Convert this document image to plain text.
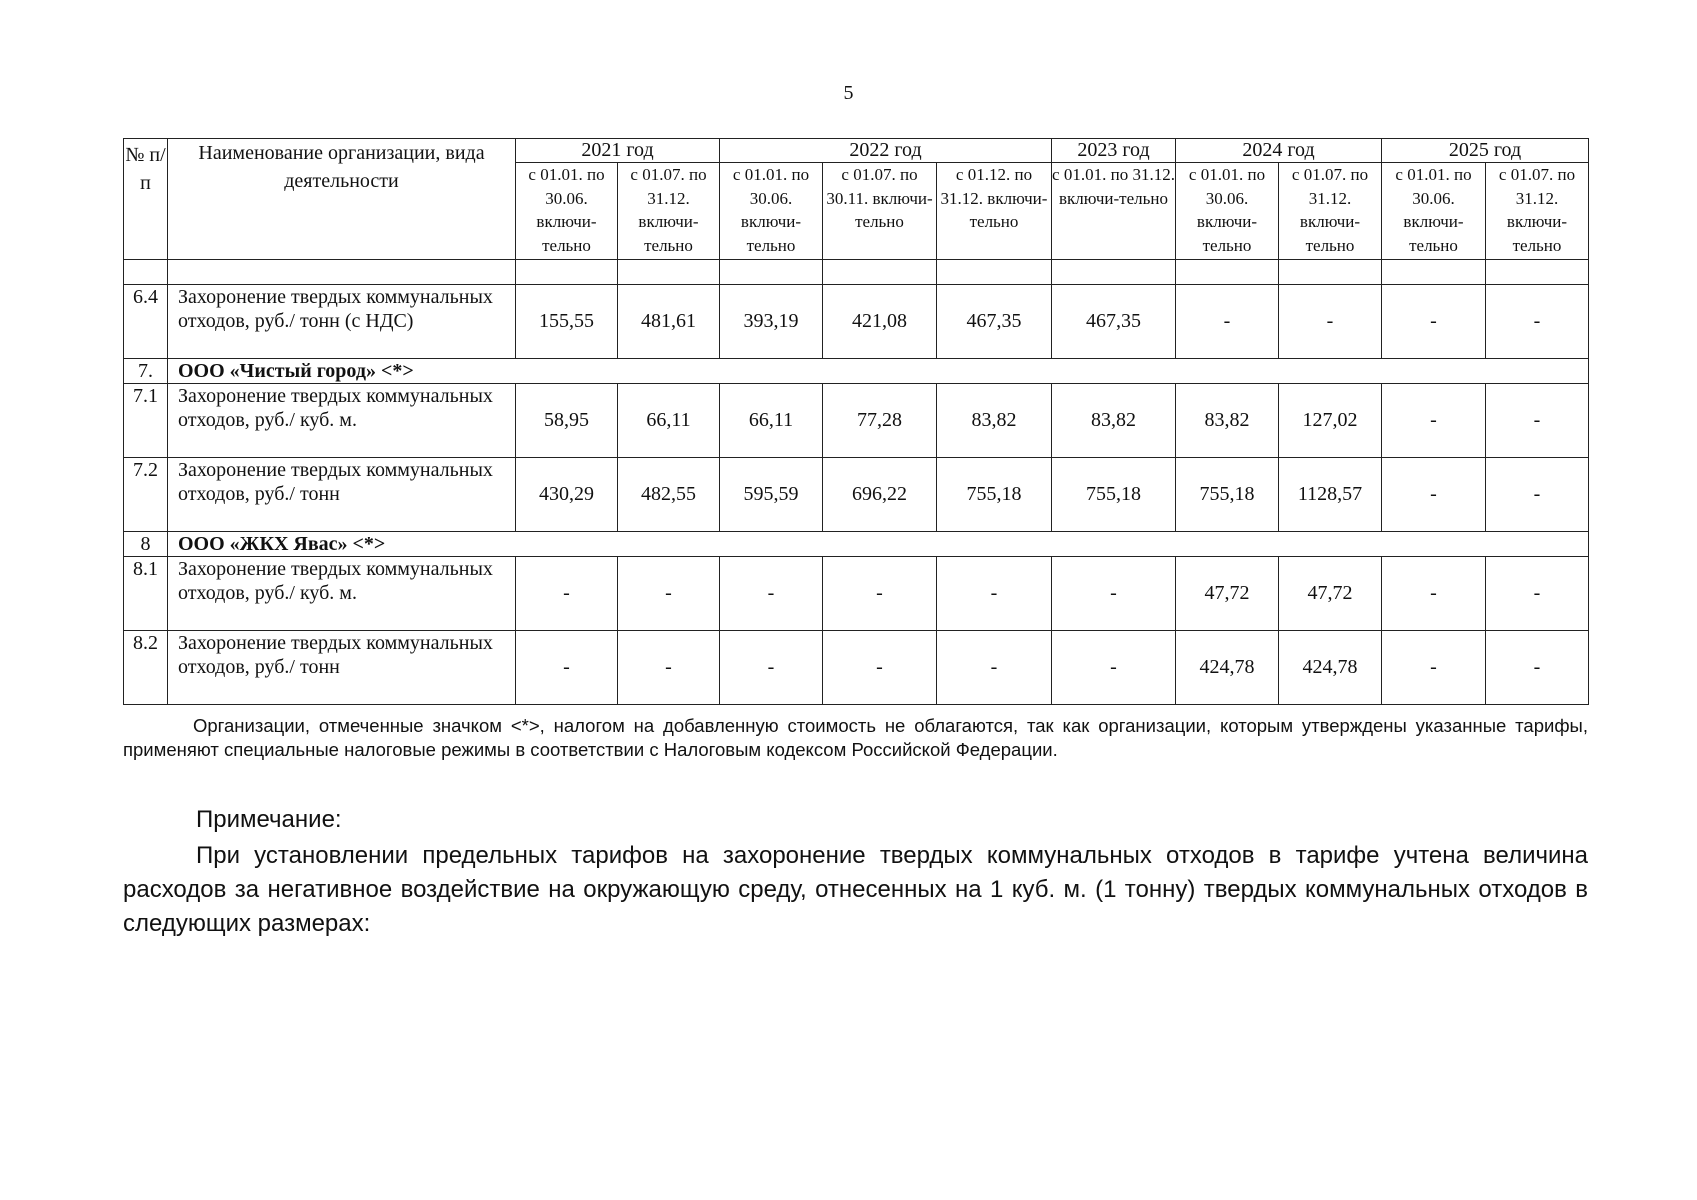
5
№ п/п	Наименование организации, вида деятельности	2021 год		2022 год			2023 год	2024 год		2025 год	
		с 01.01. по 30.06. включи-тельно	с 01.07. по 31.12. включи-тельно	с 01.01. по 30.06. включи-тельно	с 01.07. по 30.11. включи-тельно	с 01.12. по 31.12. включи-тельно	с 01.01. по 31.12. включи-тельно	с 01.01. по 30.06. включи-тельно	с 01.07. по 31.12. включи-тельно	с 01.01. по 30.06. включи-тельно	с 01.07. по 31.12. включи-тельно

6.4	Захоронение твердых коммунальных отходов, руб./ тонн (с НДС)	155,55	481,61	393,19	421,08	467,35	467,35	-	-	-	-
7.	ООО «Чистый город» <*>										
7.1	Захоронение твердых коммунальных отходов, руб./ куб. м.	58,95	66,11	66,11	77,28	83,82	83,82	83,82	127,02	-	-
7.2	Захоронение твердых коммунальных отходов, руб./ тонн	430,29	482,55	595,59	696,22	755,18	755,18	755,18	1128,57	-	-
8	ООО «ЖКХ Явас» <*>										
8.1	Захоронение твердых коммунальных отходов, руб./ куб. м.	-	-	-	-	-	-	47,72	47,72	-	-
8.2	Захоронение твердых коммунальных отходов, руб./ тонн	-	-	-	-	-	-	424,78	424,78	-	-
Организации, отмеченные значком <*>, налогом на добавленную стоимость не облагаются, так как организации, которым утверждены указанные тарифы, применяют специальные налоговые режимы в соответствии с Налоговым кодексом Российской Федерации.
Примечание:
При установлении предельных тарифов на захоронение твердых коммунальных отходов в тарифе учтена величина расходов за негативное воздействие на окружающую среду, отнесенных на 1 куб. м. (1 тонну) твердых коммунальных отходов в следующих размерах:
